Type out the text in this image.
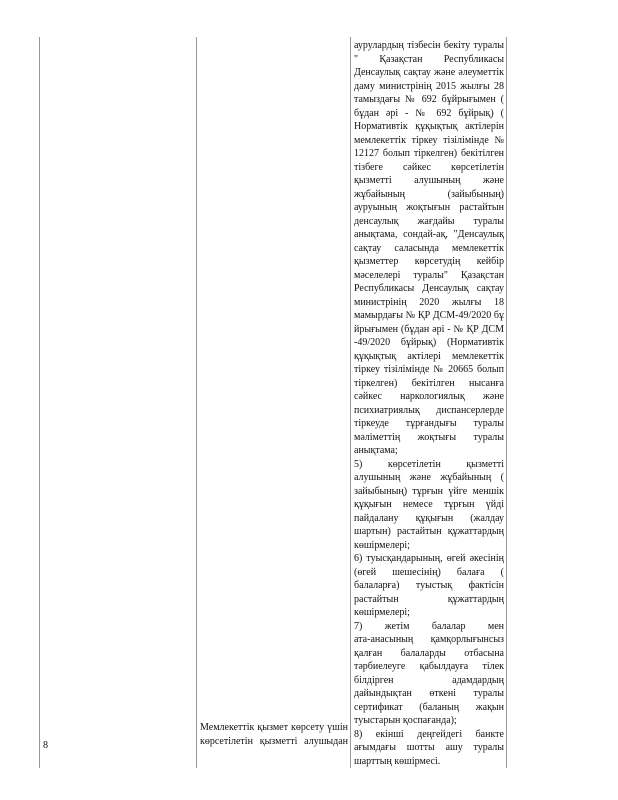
8
Мемлекеттік қызмет көрсету үшін
көрсетілетін қызметті алушыдан
аурулардың тізбесін бекіту туралы
" Қазақстан Республикасы
Денсаулық сақтау және әлеуметтік
даму министрінің 2015 жылғы 28
тамыздағы № 692 бұйрығымен (
бұдан әрі - № 692 бұйрық) (
Нормативтік құқықтық актілерін
мемлекеттік тіркеу тізілімінде №
12127 болып тіркелген) бекітілген
тізбеге сәйкес көрсетілетін
қызметті алушының және
жұбайының (зайыбының)
ауруының жоқтығын растайтын
денсаулық жағдайы туралы
анықтама, сондай-ақ, "Денсаулық
сақтау саласында мемлекеттік
қызметтер көрсетудің кейбір
мәселелері туралы" Қазақстан
Республикасы Денсаулық сақтау
министрінің 2020 жылғы 18
мамырдағы № ҚР ДСМ-49/2020 бұ
йрығымен (бұдан әрі - № ҚР ДСМ
-49/2020 бұйрық) (Нормативтік
құқықтық актілері мемлекеттік
тіркеу тізілімінде № 20665 болып
тіркелген) бекітілген нысанға
сәйкес наркологиялық және
психиатриялық диспансерлерде
тіркеуде тұрғандығы туралы
мәліметтің жоқтығы туралы
анықтама;
5) көрсетілетін қызметті
алушының және жұбайының (
зайыбының) тұрғын үйге меншік
құқығын немесе тұрғын үйді
пайдалану құқығын (жалдау
шартын) растайтын құжаттардың
көшірмелері;
6) туысқандарының, өгей әкесінің
(өгей шешесінің) балаға (
балаларға) туыстық фактісін
растайтын құжаттардың
көшірмелері;
7) жетім балалар мен
ата-анасының қамқорлығынсыз
қалған балаларды отбасына
тәрбиелеуге қабылдауға тілек
білдірген адамдардың
дайындықтан өткені туралы
сертификат (баланың жақын
туыстарын қоспағанда);
8) екінші деңгейдегі банкте
ағымдағы шотты ашу туралы
шарттың көшірмесі.
